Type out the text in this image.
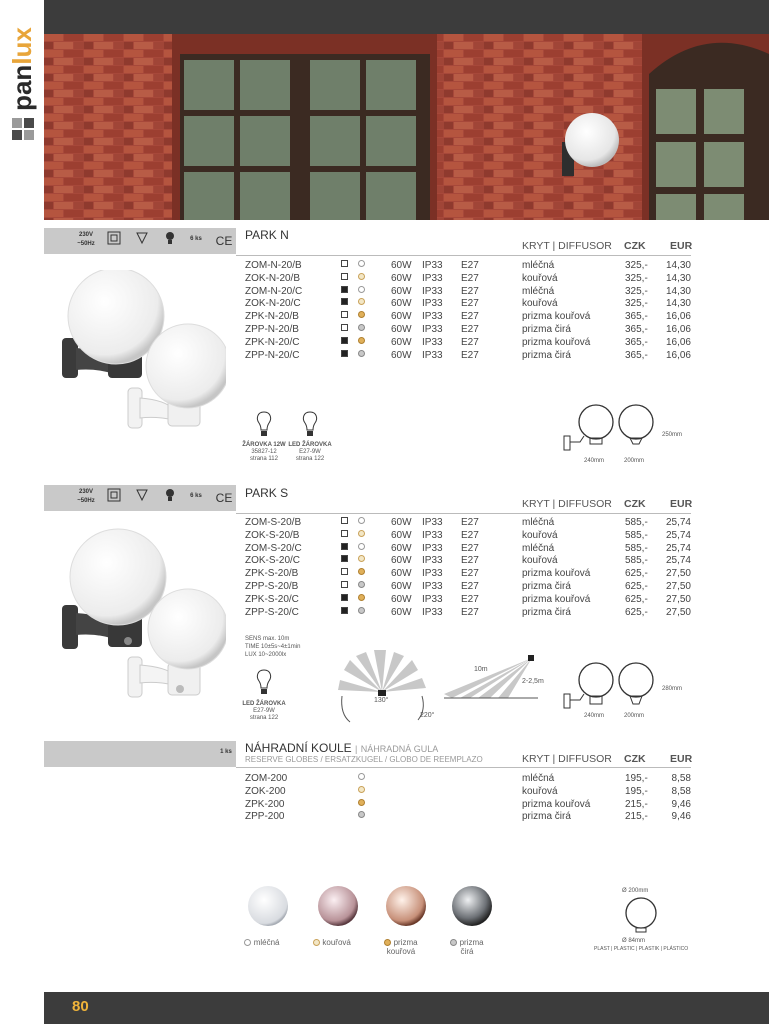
panlux
230V
~50Hz
6 ks	CE PARK N
KRYT | DIFFUSOR CZK EUR
ZOM-N-20/B	60W IP33 E27	mléčná	325,- 14,30
ZOK-N-20/B	60W IP33 E27	kouřová	325,- 14,30
ZOM-N-20/C	60W IP33 E27	mléčná	325,- 14,30
ZOK-N-20/C	60W IP33 E27	kouřová	325,- 14,30
ZPK-N-20/B	60W IP33 E27	prizma kouřová	365,- 16,06
ZPP-N-20/B	60W IP33 E27	prizma čirá	365,- 16,06
ZPK-N-20/C	60W IP33 E27	prizma kouřová	365,- 16,06
ZPP-N-20/C	60W IP33 E27	prizma čirá	365,- 16,06
ŽÁROVKA 12W
35827-12
strana 112
LED ŽÁROVKA
E27-9W
strana 122
250mm
240mm	200mm
230V
~50Hz
6 ks	CE PARK S
KRYT | DIFFUSOR CZK EUR
ZOM-S-20/B	60W IP33 E27	mléčná	585,- 25,74
ZOK-S-20/B	60W IP33 E27	kouřová	585,- 25,74
ZOM-S-20/C	60W IP33 E27	mléčná	585,- 25,74
ZOK-S-20/C	60W IP33 E27	kouřová	585,- 25,74
ZPK-S-20/B	60W IP33 E27	prizma kouřová	625,- 27,50
ZPP-S-20/B	60W IP33 E27	prizma čirá	625,- 27,50
ZPK-S-20/C	60W IP33 E27	prizma kouřová	625,- 27,50
ZPP-S-20/C	60W IP33 E27	prizma čirá	625,- 27,50
SENS max. 10m
TIME 10±5s~4±1min
LUX 10~2000lx
LED ŽÁROVKA
E27-9W
strana 122
130°
220°
10m
2-2,5m
280mm
240mm	200mm
1 ks	NÁHRADNÍ KOULE | NÁHRADNÁ GULA
RESERVE GLOBES / ERSATZKUGEL / GLOBO DE REEMPLAZO	KRYT | DIFFUSOR CZK EUR
ZOM-200	mléčná	195,-	8,58
ZOK-200	kouřová	195,-	8,58
ZPK-200	prizma kouřová	215,-	9,46
ZPP-200	prizma čirá	215,-	9,46
mléčná	kouřová	prizma
kouřová
prizma
čirá
Ø 200mm
Ø 84mm
PLAST | PLASTIC | PLASTIK | PLÁSTICO
80
